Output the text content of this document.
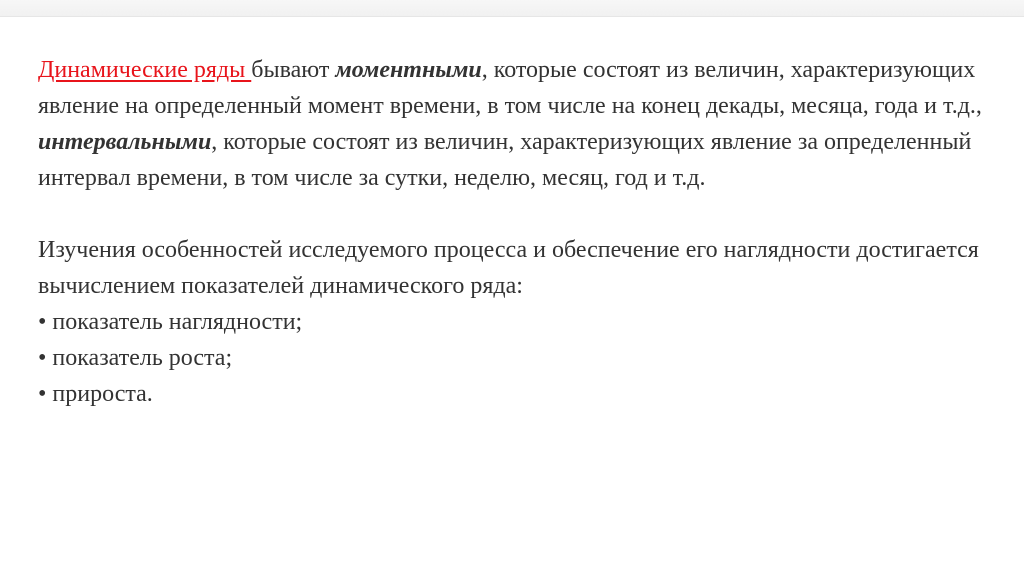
Динамические ряды бывают моментными, которые состоят из величин, характеризующих явление на определенный момент времени, в том числе на конец декады, месяца, года и т.д., интервальными, которые состоят из величин, характеризующих явление за определенный интервал времени, в том числе за сутки, неделю, месяц, год и т.д.

Изучения особенностей исследуемого процесса и обеспечение его наглядности достигается вычислением показателей динамического ряда:
• показатель наглядности;
• показатель роста;
• прироста.
